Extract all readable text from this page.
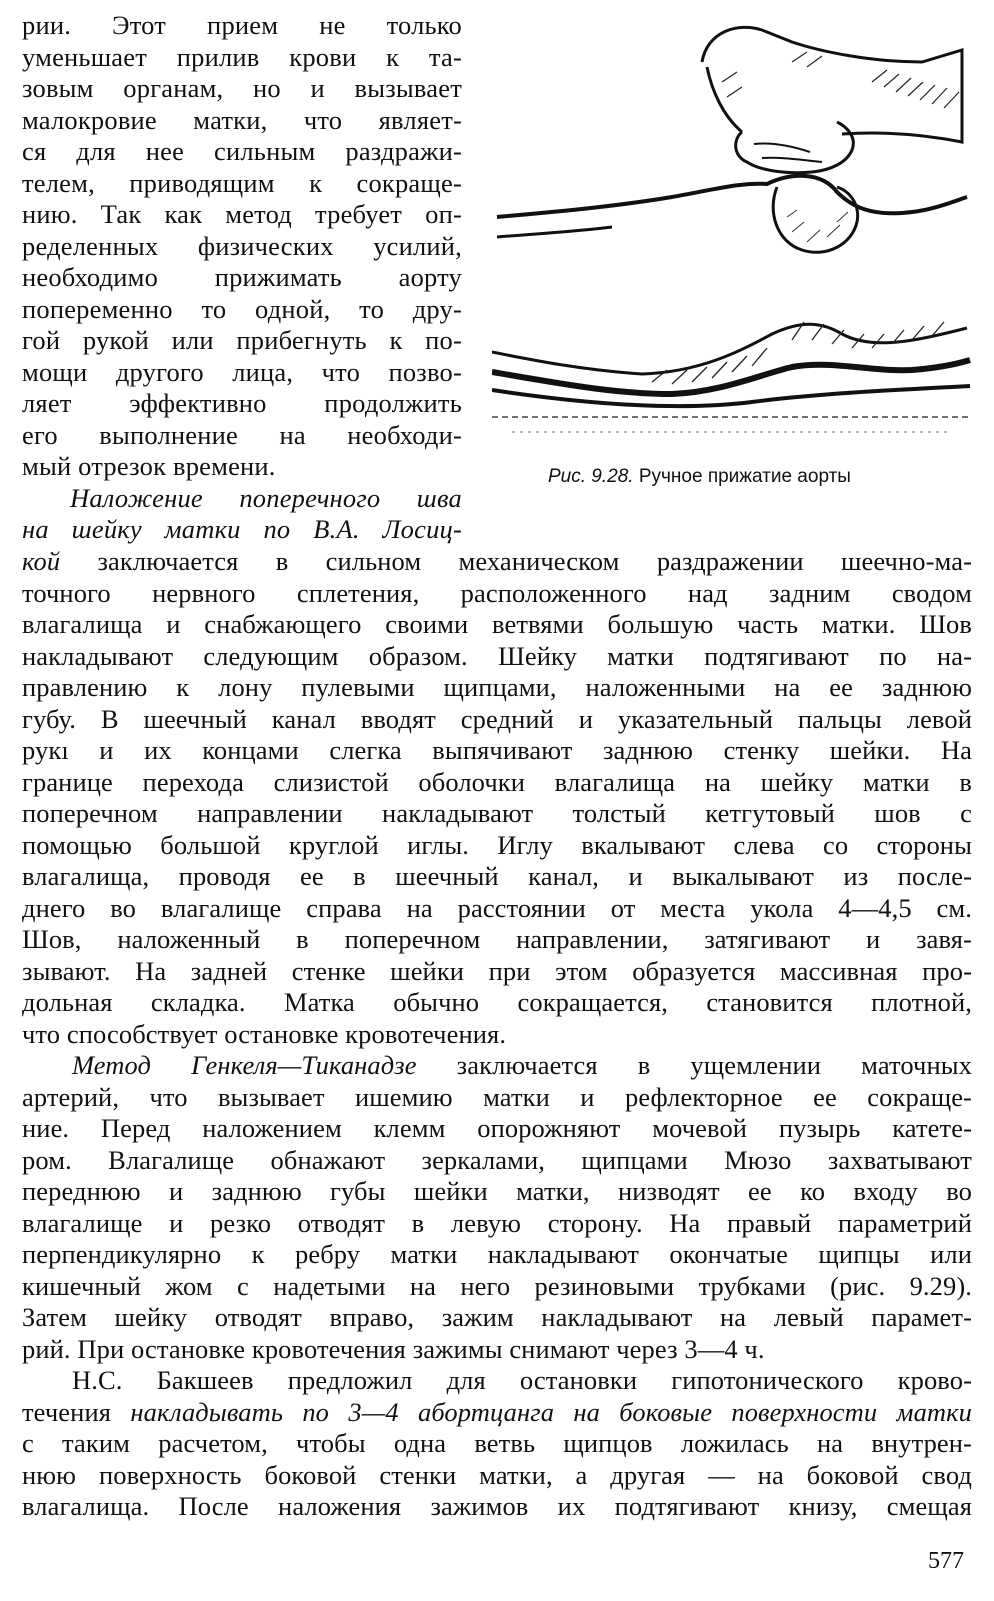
рии. Этот прием не только
уменьшает прилив крови к та-
зовым органам, но и вызывает
малокровие матки, что являет-
ся для нее сильным раздражи-
телем, приводящим к сокраще-
нию. Так как метод требует оп-
ределенных физических усилий,
необходимо прижимать аорту
попеременно то одной, то дру-
гой рукой или прибегнуть к по-
мощи другого лица, что позво-
ляет эффективно продолжить
его выполнение на необходи-
мый отрезок времени.
Наложение поперечного шва
на шейку матки по В.А. Лосиц-
Рис. 9.28. Ручное прижатие аорты
кой заключается в сильном механическом раздражении шеечно-ма-
точного нервного сплетения, расположенного над задним сводом
влагалища и снабжающего своими ветвями большую часть матки. Шов
накладывают следующим образом. Шейку матки подтягивают по на-
правлению к лону пулевыми щипцами, наложенными на ее заднюю
губу. В шеечный канал вводят средний и указательный пальцы левой
рукı и их концами слегка выпячивают заднюю стенку шейки. На
границе перехода слизистой оболочки влагалища на шейку матки в
поперечном направлении накладывают толстый кетгутовый шов с
помощью большой круглой иглы. Иглу вкалывают слева со стороны
влагалища, проводя ее в шеечный канал, и выкалывают из после-
днего во влагалище справа на расстоянии от места укола 4—4,5 см.
Шов, наложенный в поперечном направлении, затягивают и завя-
зывают. На задней стенке шейки при этом образуется массивная про-
дольная складка. Матка обычно сокращается, становится плотной,
что способствует остановке кровотечения.
Метод Генкеля—Тиканадзе заключается в ущемлении маточных
артерий, что вызывает ишемию матки и рефлекторное ее сокраще-
ние. Перед наложением клемм опорожняют мочевой пузырь катете-
ром. Влагалище обнажают зеркалами, щипцами Мюзо захватывают
переднюю и заднюю губы шейки матки, низводят ее ко входу во
влагалище и резко отводят в левую сторону. На правый параметрий
перпендикулярно к ребру матки накладывают окончатые щипцы или
кишечный жом с надетыми на него резиновыми трубками (рис. 9.29).
Затем шейку отводят вправо, зажим накладывают на левый парамет-
рий. При остановке кровотечения зажимы снимают через 3—4 ч.
Н.С. Бакшеев предложил для остановки гипотонического крово-
течения накладывать по 3—4 абортцанга на боковые поверхности матки
с таким расчетом, чтобы одна ветвь щипцов ложилась на внутрен-
нюю поверхность боковой стенки матки, а другая — на боковой свод
влагалища. После наложения зажимов их подтягивают книзу, смещая
577
